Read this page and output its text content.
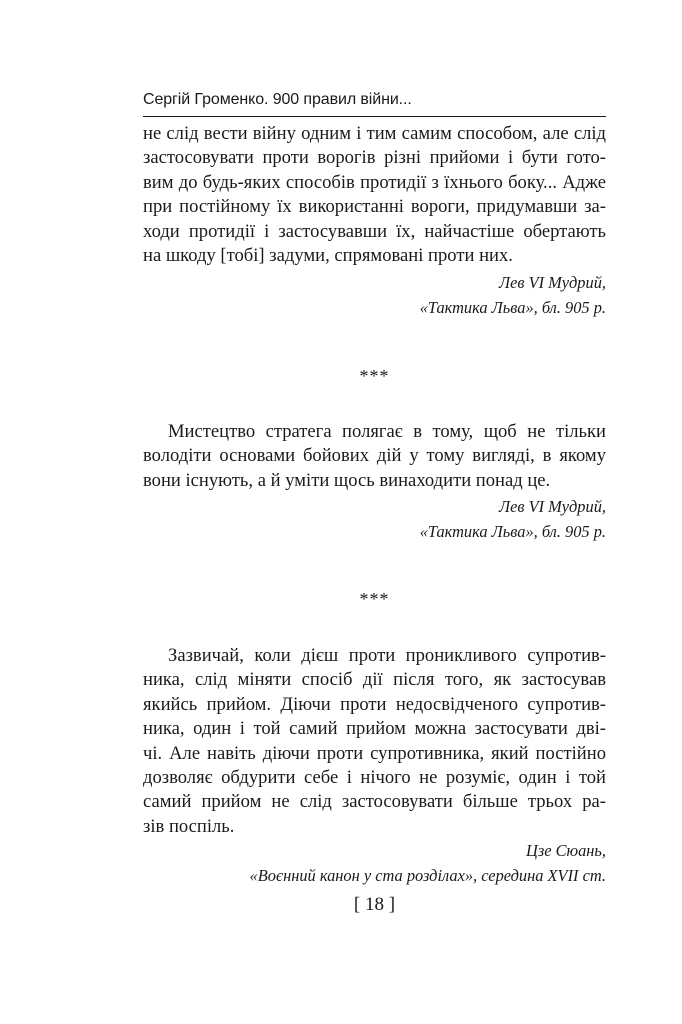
Сергій Громенко. 900 правил війни...
не слід вести війну одним і тим самим способом, але слід
застосовувати проти ворогів різні прийоми і бути гото-
вим до будь-яких способів протидії з їхнього боку... Адже
при постійному їх використанні вороги, придумавши за-
ходи протидії і застосувавши їх, найчастіше обертають
на шкоду [тобі] задуми, спрямовані проти них.
Лев VI Мудрий,
«Тактика Льва», бл. 905 р.
***
Мистецтво стратега полягає в тому, щоб не тільки
володіти основами бойових дій у тому вигляді, в якому
вони існують, а й уміти щось винаходити понад це.
Лев VI Мудрий,
«Тактика Льва», бл. 905 р.
***
Зазвичай, коли дієш проти проникливого супротив-
ника, слід міняти спосіб дії після того, як застосував
якийсь прийом. Діючи проти недосвідченого супротив-
ника, один і той самий прийом можна застосувати дві-
чі. Але навіть діючи проти супротивника, який постійно
дозволяє обдурити себе і нічого не розуміє, один і той
самий прийом не слід застосовувати більше трьох ра-
зів поспіль.
Цзе Сюань,
«Воєнний канон у ста розділах», середина XVII ст.
[ 18 ]
